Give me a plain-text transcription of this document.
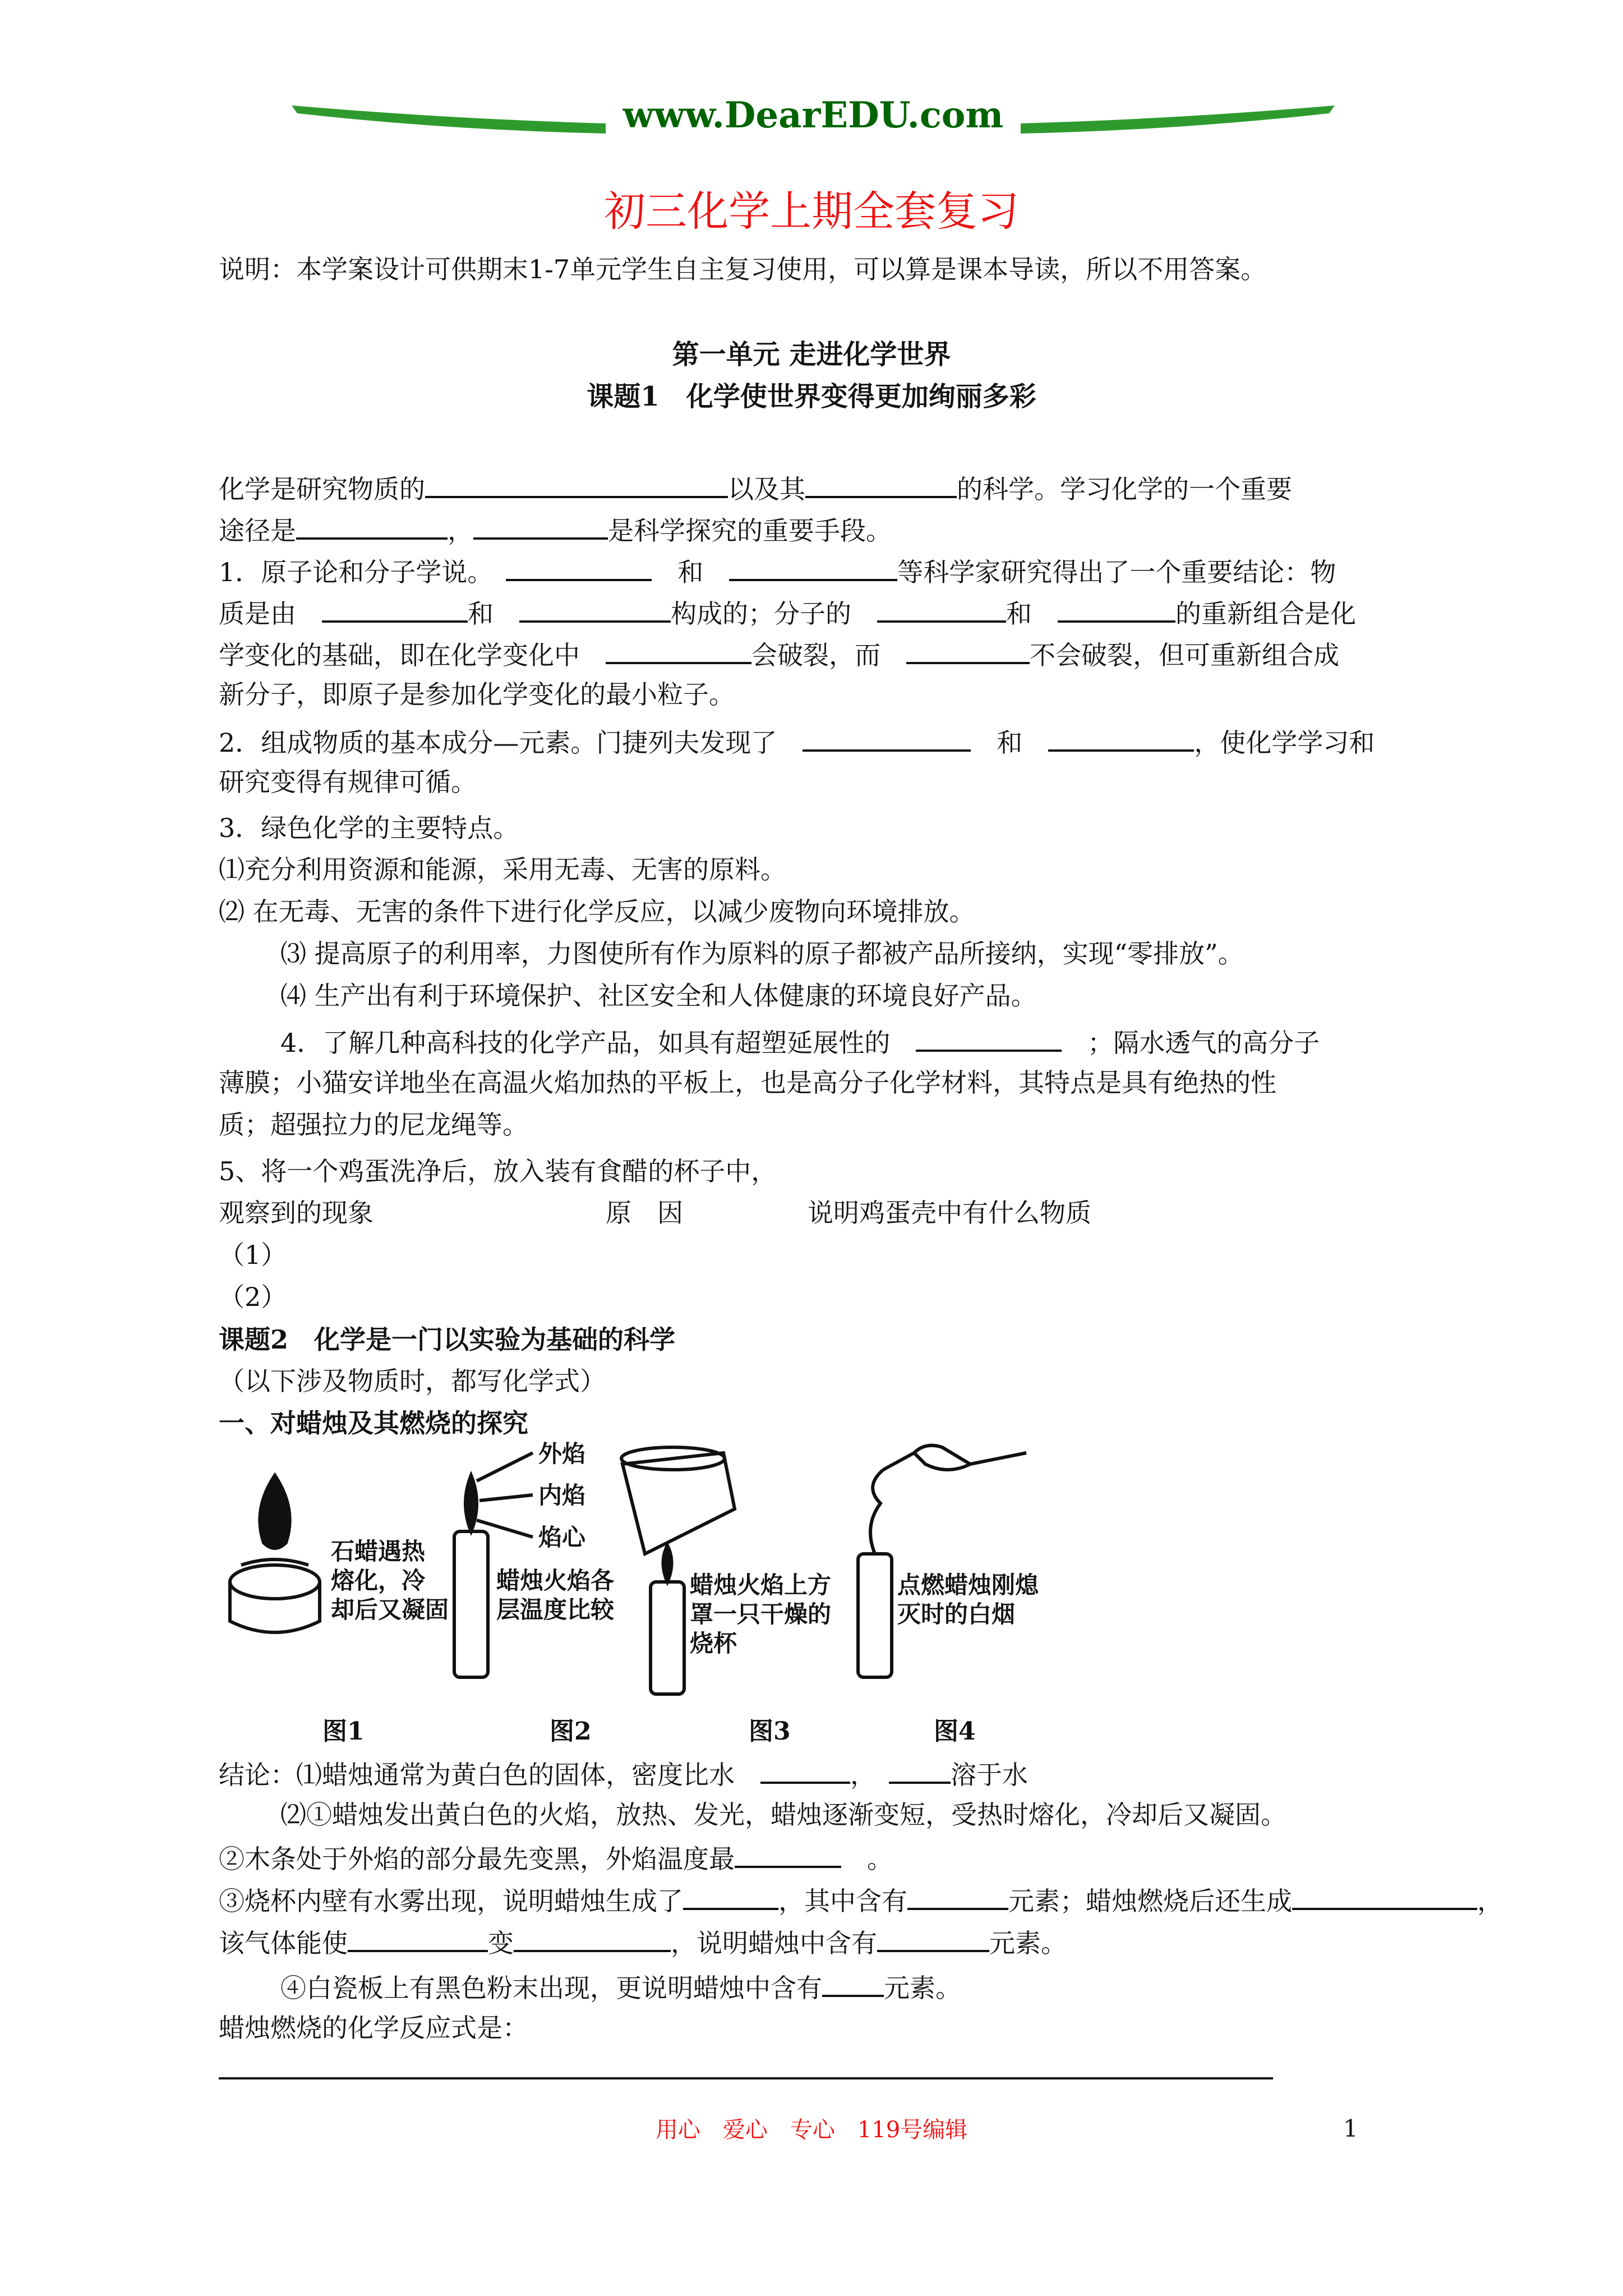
www.DearEDU.com
初三化学上期全套复习
说明：本学案设计可供期末1-7单元学生自主复习使用，可以算是课本导读，所以不用答案。
第一单元 走进化学世界
课题1　化学使世界变得更加绚丽多彩
化学是研究物质的	以及其	的科学。学习化学的一个重要
途径是	，	是科学探究的重要手段。
1．原子论和分子学说。　　	和　	等科学家研究得出了一个重要结论：物
质是由　	和　	构成的；分子的　	和　	的重新组合是化
学变化的基础，即在化学变化中　	会破裂，而　	不会破裂，但可重新组合成
新分子，即原子是参加化学变化的最小粒子。
2．组成物质的基本成分—元素。门捷列夫发现了　　	和　	，使化学学习和
研究变得有规律可循。
3．绿色化学的主要特点。
⑴充分利用资源和能源，采用无毒、无害的原料。
⑵ 在无毒、无害的条件下进行化学反应，以减少废物向环境排放。
⑶ 提高原子的利用率，力图使所有作为原料的原子都被产品所接纳，实现“零排放”。
⑷ 生产出有利于环境保护、社区安全和人体健康的环境良好产品。
4．了解几种高科技的化学产品，如具有超塑延展性的　　	；隔水透气的高分子
薄膜；小猫安详地坐在高温火焰加热的平板上，也是高分子化学材料，其特点是具有绝热的性
质；超强拉力的尼龙绳等。
5、将一个鸡蛋洗净后，放入装有食醋的杯子中，
观察到的现象	原　因	说明鸡蛋壳中有什么物质
（1）
（2）
课题2　化学是一门以实验为基础的科学
（以下涉及物质时，都写化学式）
一、对蜡烛及其燃烧的探究
石蜡遇热
熔化，冷
却后又凝固
外焰
内焰
焰心
蜡烛火焰各
层温度比较
蜡烛火焰上方
罩一只干燥的
烧杯
点燃蜡烛刚熄
灭时的白烟
图1	图2	图3	图4
结论：⑴蜡烛通常为黄白色的固体，密度比水　	，　	溶于水
⑵①蜡烛发出黄白色的火焰，放热、发光，蜡烛逐渐变短，受热时熔化，冷却后又凝固。
②木条处于外焰的部分最先变黑，外焰温度最　	。
③烧杯内壁有水雾出现，说明蜡烛生成了	，其中含有	元素；蜡烛燃烧后还生成	，
该气体能使	变	，说明蜡烛中含有	元素。
④白瓷板上有黑色粉末出现，更说明蜡烛中含有 元素。
蜡烛燃烧的化学反应式是：
用心　爱心　专心　119号编辑	1
